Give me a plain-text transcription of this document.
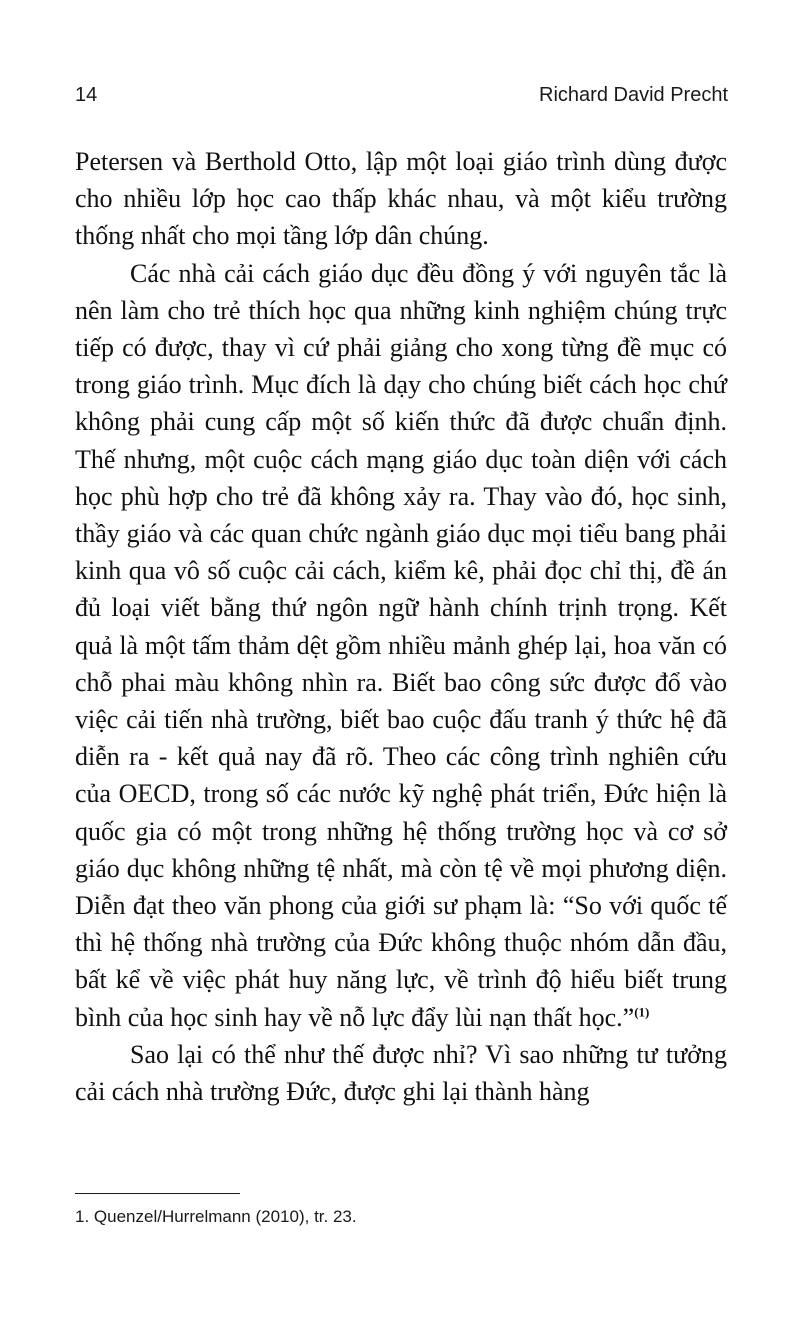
14	Richard David Precht

Petersen và Berthold Otto, lập một loại giáo trình dùng được cho nhiều lớp học cao thấp khác nhau, và một kiểu trường thống nhất cho mọi tầng lớp dân chúng.

Các nhà cải cách giáo dục đều đồng ý với nguyên tắc là nên làm cho trẻ thích học qua những kinh nghiệm chúng trực tiếp có được, thay vì cứ phải giảng cho xong từng đề mục có trong giáo trình. Mục đích là dạy cho chúng biết cách học chứ không phải cung cấp một số kiến thức đã được chuẩn định. Thế nhưng, một cuộc cách mạng giáo dục toàn diện với cách học phù hợp cho trẻ đã không xảy ra. Thay vào đó, học sinh, thầy giáo và các quan chức ngành giáo dục mọi tiểu bang phải kinh qua vô số cuộc cải cách, kiểm kê, phải đọc chỉ thị, đề án đủ loại viết bằng thứ ngôn ngữ hành chính trịnh trọng. Kết quả là một tấm thảm dệt gồm nhiều mảnh ghép lại, hoa văn có chỗ phai màu không nhìn ra. Biết bao công sức được đổ vào việc cải tiến nhà trường, biết bao cuộc đấu tranh ý thức hệ đã diễn ra - kết quả nay đã rõ. Theo các công trình nghiên cứu của OECD, trong số các nước kỹ nghệ phát triển, Đức hiện là quốc gia có một trong những hệ thống trường học và cơ sở giáo dục không những tệ nhất, mà còn tệ về mọi phương diện. Diễn đạt theo văn phong của giới sư phạm là: “So với quốc tế thì hệ thống nhà trường của Đức không thuộc nhóm dẫn đầu, bất kể về việc phát huy năng lực, về trình độ hiểu biết trung bình của học sinh hay về nỗ lực đẩy lùi nạn thất học.”$^{(1)}$

Sao lại có thể như thế được nhỉ? Vì sao những tư tưởng cải cách nhà trường Đức, được ghi lại thành hàng

1. Quenzel/Hurrelmann (2010), tr. 23.
